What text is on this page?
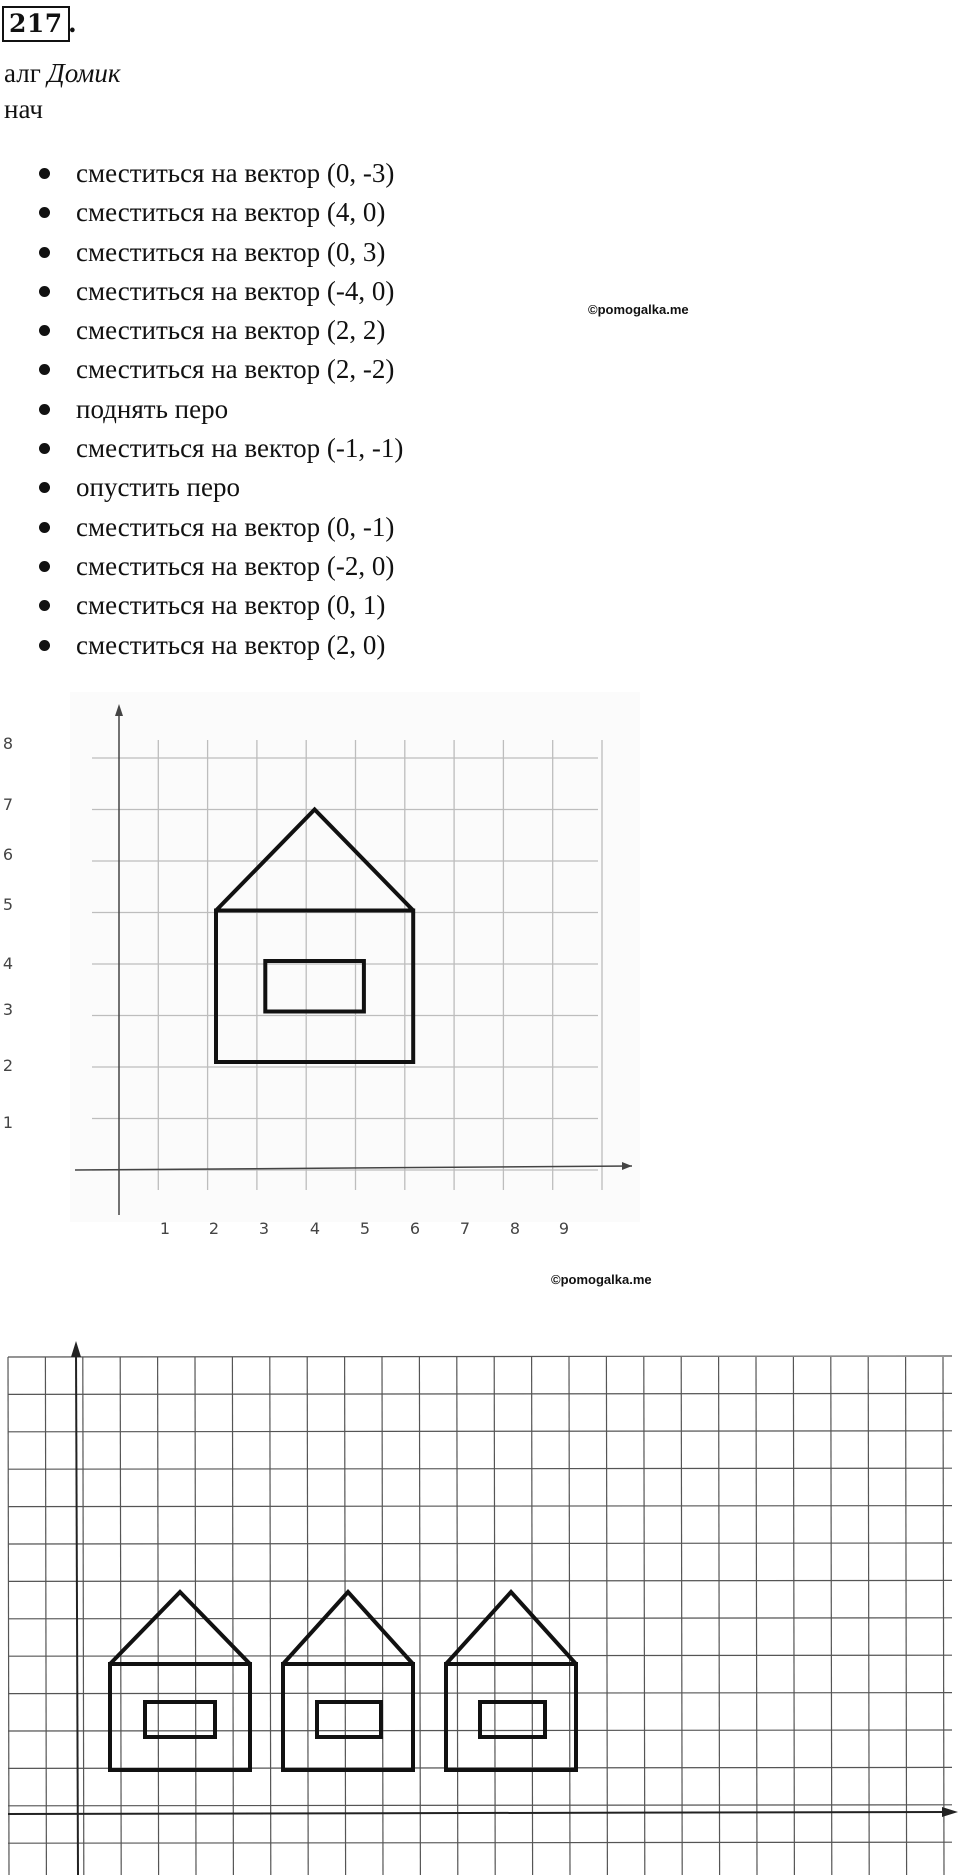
217 .
алг Домик
нач
сместиться на вектор (0, -3)
сместиться на вектор (4, 0)
сместиться на вектор (0, 3)
сместиться на вектор (-4, 0)
сместиться на вектор (2, 2)
сместиться на вектор (2, -2)
поднять перо
сместиться на вектор (-1, -1)
опустить перо
сместиться на вектор (0, -1)
сместиться на вектор (-2, 0)
сместиться на вектор (0, 1)
сместиться на вектор (2, 0)
©pomogalka.me
1 2 3	4 5 6 7 8 9
1
2
3
4
5
6
7
8
©pomogalka.me
